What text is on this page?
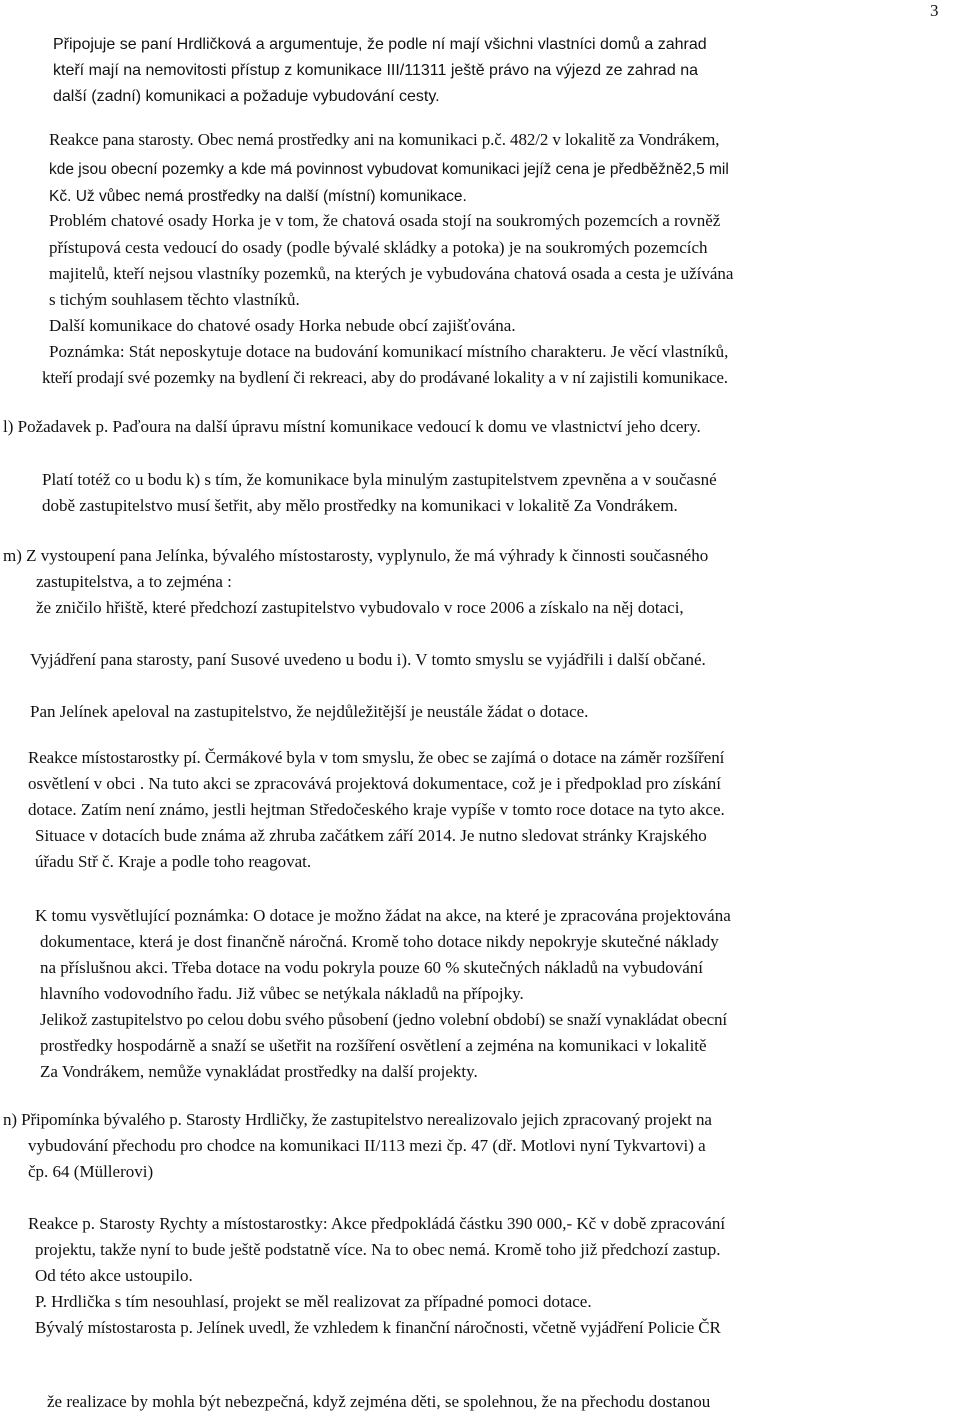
3
Připojuje se paní Hrdličková a argumentuje, že podle ní mají všichni vlastníci domů a zahrad
kteří mají na nemovitosti přístup z komunikace III/11311 ještě právo na výjezd ze zahrad na
další (zadní) komunikaci a požaduje vybudování cesty.
Reakce pana starosty. Obec nemá prostředky ani na komunikaci p.č. 482/2 v lokalitě za Vondrákem,
kde jsou obecní pozemky a kde má povinnost vybudovat komunikaci jejíž cena je předběžně2,5 mil
Kč. Už vůbec nemá prostředky na další (místní) komunikace.
Problém chatové osady Horka je v tom, že chatová osada stojí na soukromých pozemcích a rovněž
přístupová cesta vedoucí do osady (podle bývalé skládky a potoka) je na soukromých pozemcích
majitelů, kteří nejsou vlastníky pozemků, na kterých je vybudována chatová osada a cesta je užívána
s tichým souhlasem těchto vlastníků.
Další komunikace do chatové osady Horka nebude obcí zajišťována.
Poznámka: Stát neposkytuje dotace na budování komunikací místního charakteru. Je věcí vlastníků,
kteří prodají své pozemky na bydlení či rekreaci, aby do prodávané lokality a v ní zajistili komunikace.
l) Požadavek p. Paďoura na další úpravu místní komunikace vedoucí k domu ve vlastnictví jeho dcery.
Platí totéž co u bodu k) s tím, že komunikace byla minulým zastupitelstvem zpevněna a v současné
době zastupitelstvo musí šetřit, aby mělo prostředky na komunikaci v lokalitě Za Vondrákem.
m) Z vystoupení pana Jelínka, bývalého místostarosty, vyplynulo, že má výhrady k činnosti současného
zastupitelstva, a to zejména :
že zničilo hřiště, které předchozí zastupitelstvo vybudovalo v roce 2006 a získalo na něj dotaci,
Vyjádření pana starosty, paní Susové uvedeno u bodu i). V tomto smyslu se vyjádřili i další občané.
Pan Jelínek apeloval na zastupitelstvo, že nejdůležitější je neustále žádat o dotace.
Reakce místostarostky pí. Čermákové byla v tom smyslu, že obec se zajímá o dotace na záměr rozšíření
osvětlení v obci . Na tuto akci se zpracovává projektová dokumentace, což je i předpoklad pro získání
dotace. Zatím není známo, jestli hejtman Středočeského kraje vypíše v tomto roce dotace na tyto akce.
Situace v dotacích bude známa až zhruba začátkem září 2014. Je nutno sledovat stránky Krajského
úřadu Stř č. Kraje a podle toho reagovat.
K tomu vysvětlující poznámka: O dotace je možno žádat na akce, na které je zpracována projektována
dokumentace, která je dost finančně náročná. Kromě toho dotace nikdy nepokryje skutečné náklady
na příslušnou akci. Třeba dotace na vodu pokryla pouze 60 % skutečných nákladů na vybudování
hlavního vodovodního řadu. Již vůbec se netýkala nákladů na přípojky.
Jelikož zastupitelstvo po celou dobu svého působení (jedno volební období) se snaží vynakládat obecní
prostředky hospodárně a snaží se ušetřit na rozšíření osvětlení a zejména na komunikaci v lokalitě
Za Vondrákem, nemůže vynakládat prostředky na další projekty.
n) Připomínka bývalého p. Starosty Hrdličky, že zastupitelstvo nerealizovalo jejich zpracovaný projekt na
vybudování přechodu pro chodce na komunikaci II/113 mezi čp. 47 (dř. Motlovi nyní Tykvartovi) a
čp. 64 (Müllerovi)
Reakce p. Starosty Rychty a místostarostky: Akce předpokládá částku 390 000,- Kč v době zpracování
projektu, takže nyní to bude ještě podstatně více. Na to obec nemá. Kromě toho již předchozí zastup.
Od této akce ustoupilo.
P. Hrdlička s tím nesouhlasí, projekt se měl realizovat za případné pomoci dotace.
Bývalý místostarosta p. Jelínek uvedl, že vzhledem k finanční náročnosti, včetně vyjádření Policie ČR
že realizace by mohla být nebezpečná, když zejména děti, se spolehnou, že na přechodu dostanou
